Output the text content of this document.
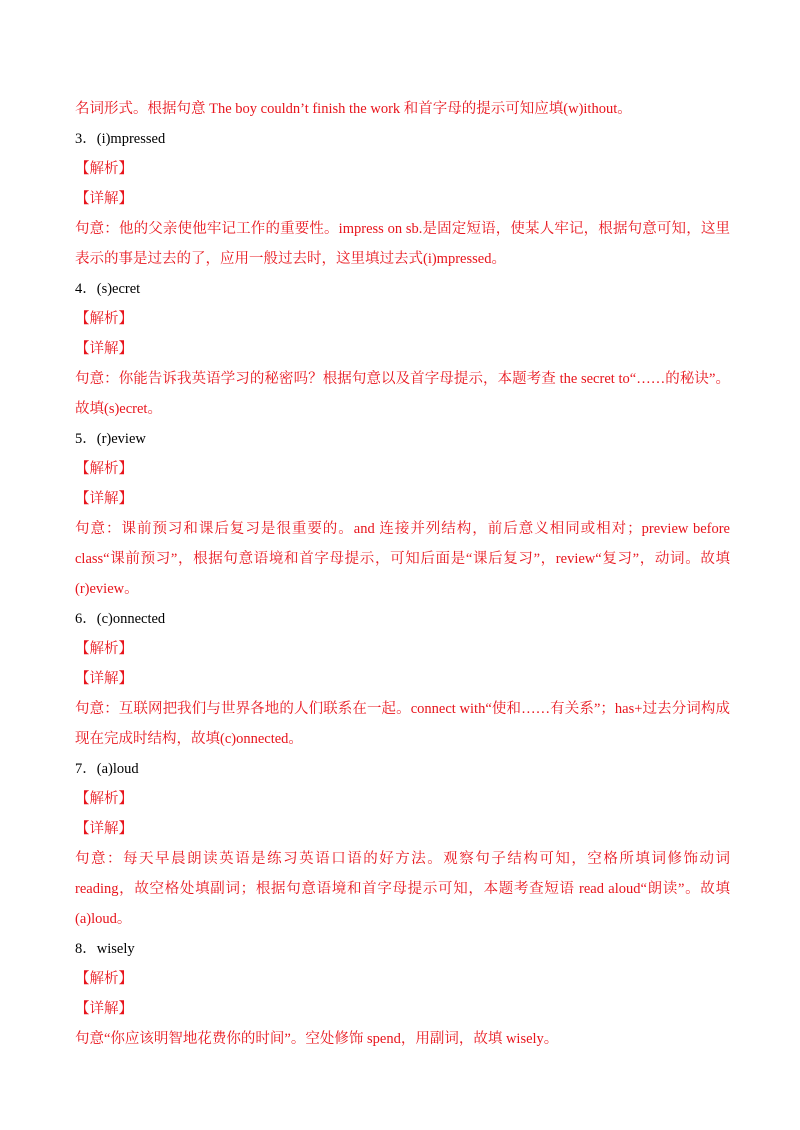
名词形式。根据句意 The boy couldn’t finish the work 和首字母的提示可知应填(w)ithout。

3．(i)mpressed

【解析】

【详解】

句意：他的父亲使他牢记工作的重要性。impress on sb.是固定短语，使某人牢记，根据句意可知，这里表示的事是过去的了，应用一般过去时，这里填过去式(i)mpressed。

4．(s)ecret

【解析】

【详解】

句意：你能告诉我英语学习的秘密吗？根据句意以及首字母提示，本题考查 the secret to“……的秘诀”。故填(s)ecret。

5．(r)eview

【解析】

【详解】

句意：课前预习和课后复习是很重要的。and 连接并列结构，前后意义相同或相对；preview before class“课前预习”，根据句意语境和首字母提示，可知后面是“课后复习”，review“复习”，动词。故填(r)eview。

6．(c)onnected

【解析】

【详解】

句意：互联网把我们与世界各地的人们联系在一起。connect with“使和……有关系”；has+过去分词构成现在完成时结构，故填(c)onnected。

7．(a)loud

【解析】

【详解】

句意：每天早晨朗读英语是练习英语口语的好方法。观察句子结构可知，空格所填词修饰动词 reading，故空格处填副词；根据句意语境和首字母提示可知，本题考查短语 read aloud“朗读”。故填(a)loud。

8．wisely

【解析】

【详解】

句意“你应该明智地花费你的时间”。空处修饰 spend，用副词，故填 wisely。
